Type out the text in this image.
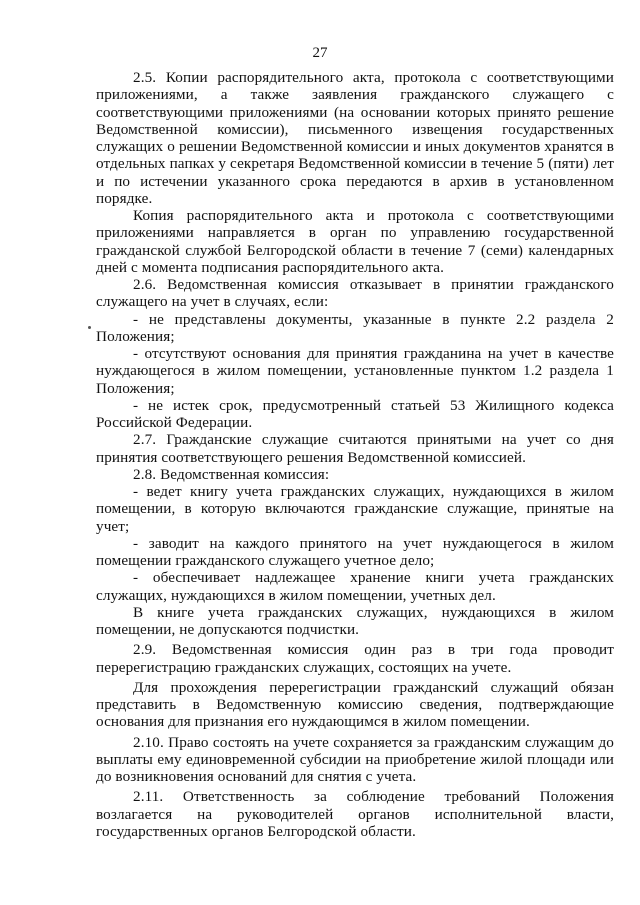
27

2.5. Копии распорядительного акта, протокола с соответствующими приложениями, а также заявления гражданского служащего с соответствующими приложениями (на основании которых принято решение Ведомственной комиссии), письменного извещения государственных служащих о решении Ведомственной комиссии и иных документов хранятся в отдельных папках у секретаря Ведомственной комиссии в течение 5 (пяти) лет и по истечении указанного срока передаются в архив в установленном порядке.

Копия распорядительного акта и протокола с соответствующими приложениями направляется в орган по управлению государственной гражданской службой Белгородской области в течение 7 (семи) календарных дней с момента подписания распорядительного акта.

2.6. Ведомственная комиссия отказывает в принятии гражданского служащего на учет в случаях, если:

- не представлены документы, указанные в пункте 2.2 раздела 2 Положения;

- отсутствуют основания для принятия гражданина на учет в качестве нуждающегося в жилом помещении, установленные пунктом 1.2 раздела 1 Положения;

- не истек срок, предусмотренный статьей 53 Жилищного кодекса Российской Федерации.

2.7. Гражданские служащие считаются принятыми на учет со дня принятия соответствующего решения Ведомственной комиссией.

2.8. Ведомственная комиссия:

- ведет книгу учета гражданских служащих, нуждающихся в жилом помещении, в которую включаются гражданские служащие, принятые на учет;

- заводит на каждого принятого на учет нуждающегося в жилом помещении гражданского служащего учетное дело;

- обеспечивает надлежащее хранение книги учета гражданских служащих, нуждающихся в жилом помещении, учетных дел.

В книге учета гражданских служащих, нуждающихся в жилом помещении, не допускаются подчистки.

2.9. Ведомственная комиссия один раз в три года проводит перерегистрацию гражданских служащих, состоящих на учете.

Для прохождения перерегистрации гражданский служащий обязан представить в Ведомственную комиссию сведения, подтверждающие основания для признания его нуждающимся в жилом помещении.

2.10. Право состоять на учете сохраняется за гражданским служащим до выплаты ему единовременной субсидии на приобретение жилой площади или до возникновения оснований для снятия с учета.

2.11. Ответственность за соблюдение требований Положения возлагается на руководителей органов исполнительной власти, государственных органов Белгородской области.
